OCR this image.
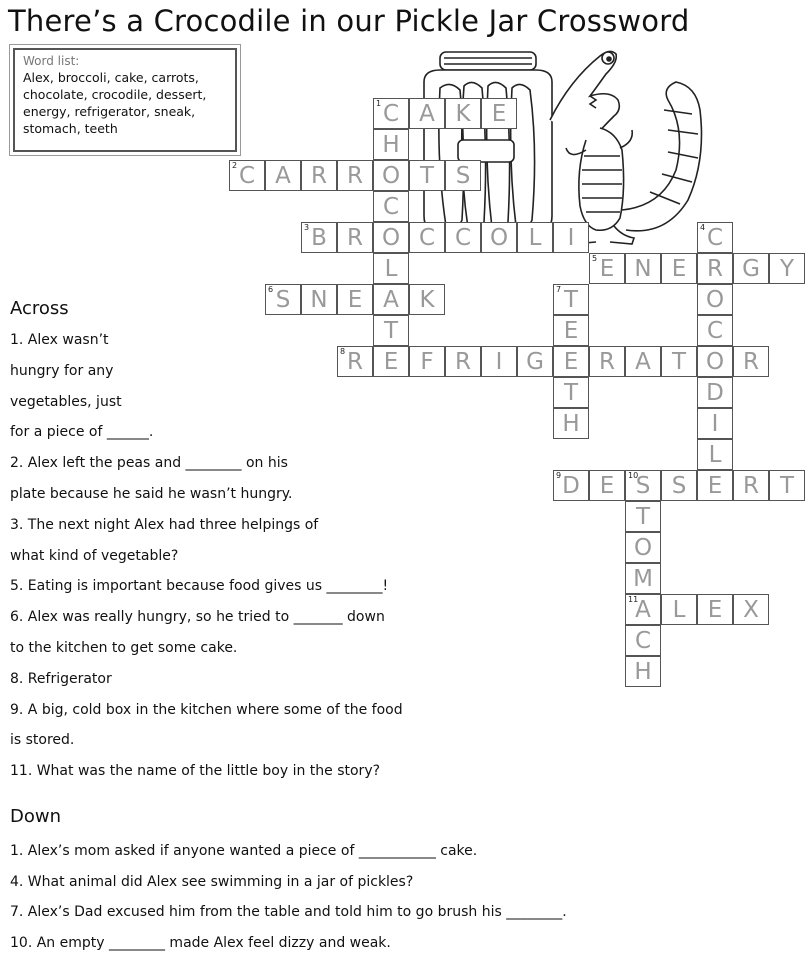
There’s a Crocodile in our Pickle Jar Crossword
Word list:
Alex, broccoli, cake, carrots, chocolate, crocodile, dessert, energy, refrigerator, sneak, stomach, teeth
1 C A K E
H
O
C
O
L
A
T
E
2 C A R R	T S
3 B R	C C O L	I	4 C
R
O
C
O
D
I
L
E
5 E N E	G Y
6 S N E	K	7 T
E
E
T
H
8 R	F R	I	G	R A T	R
9 D E	10
S S	R T
T
O
M
11
A
C
H
L E X
Across
1. Alex wasn’t
hungry for any
vegetables, just
for a piece of ______.
2. Alex left the peas and ________ on his
plate because he said he wasn’t hungry.
3. The next night Alex had three helpings of
what kind of vegetable?
5. Eating is important because food gives us ________!
6. Alex was really hungry, so he tried to _______ down
to the kitchen to get some cake.
8. Refrigerator
9. A big, cold box in the kitchen where some of the food
is stored.
11. What was the name of the little boy in the story?
Down
1. Alex’s mom asked if anyone wanted a piece of ___________ cake.
4. What animal did Alex see swimming in a jar of pickles?
7. Alex’s Dad excused him from the table and told him to go brush his ________.
10. An empty ________ made Alex feel dizzy and weak.
